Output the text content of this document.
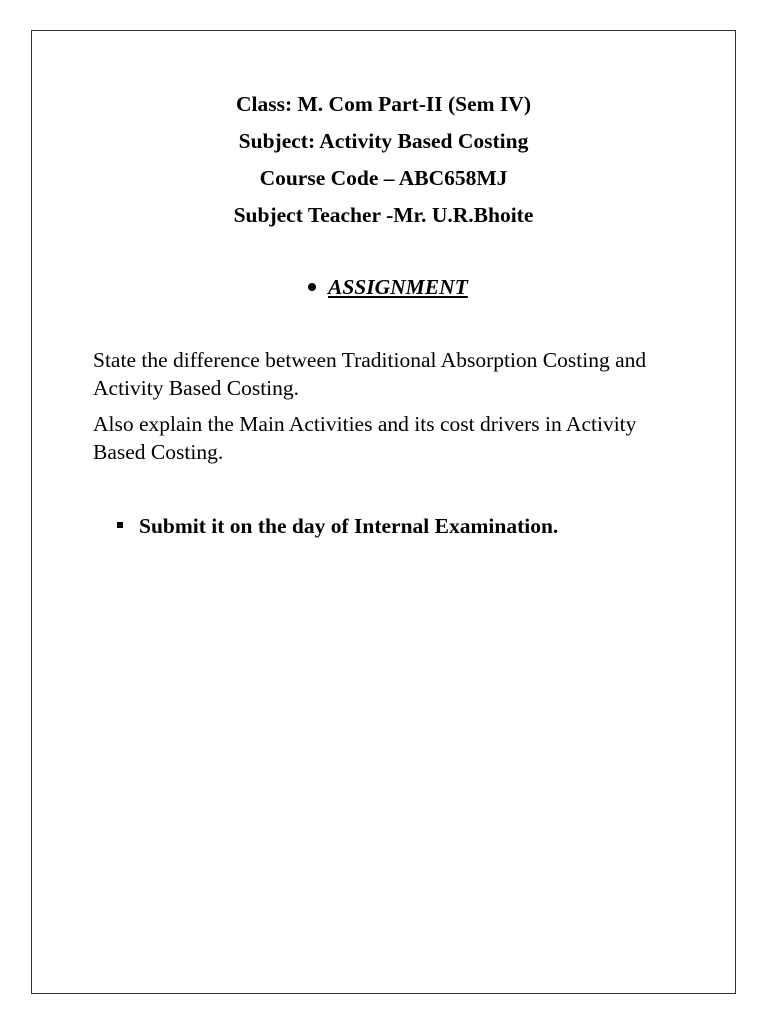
Class: M. Com Part-II (Sem IV)
Subject: Activity Based Costing
Course Code – ABC658MJ
Subject Teacher -Mr. U.R.Bhoite
ASSIGNMENT
State the difference between Traditional Absorption Costing and Activity Based Costing.
Also explain the Main Activities and its cost drivers in Activity Based Costing.
Submit it on the day of Internal Examination.
